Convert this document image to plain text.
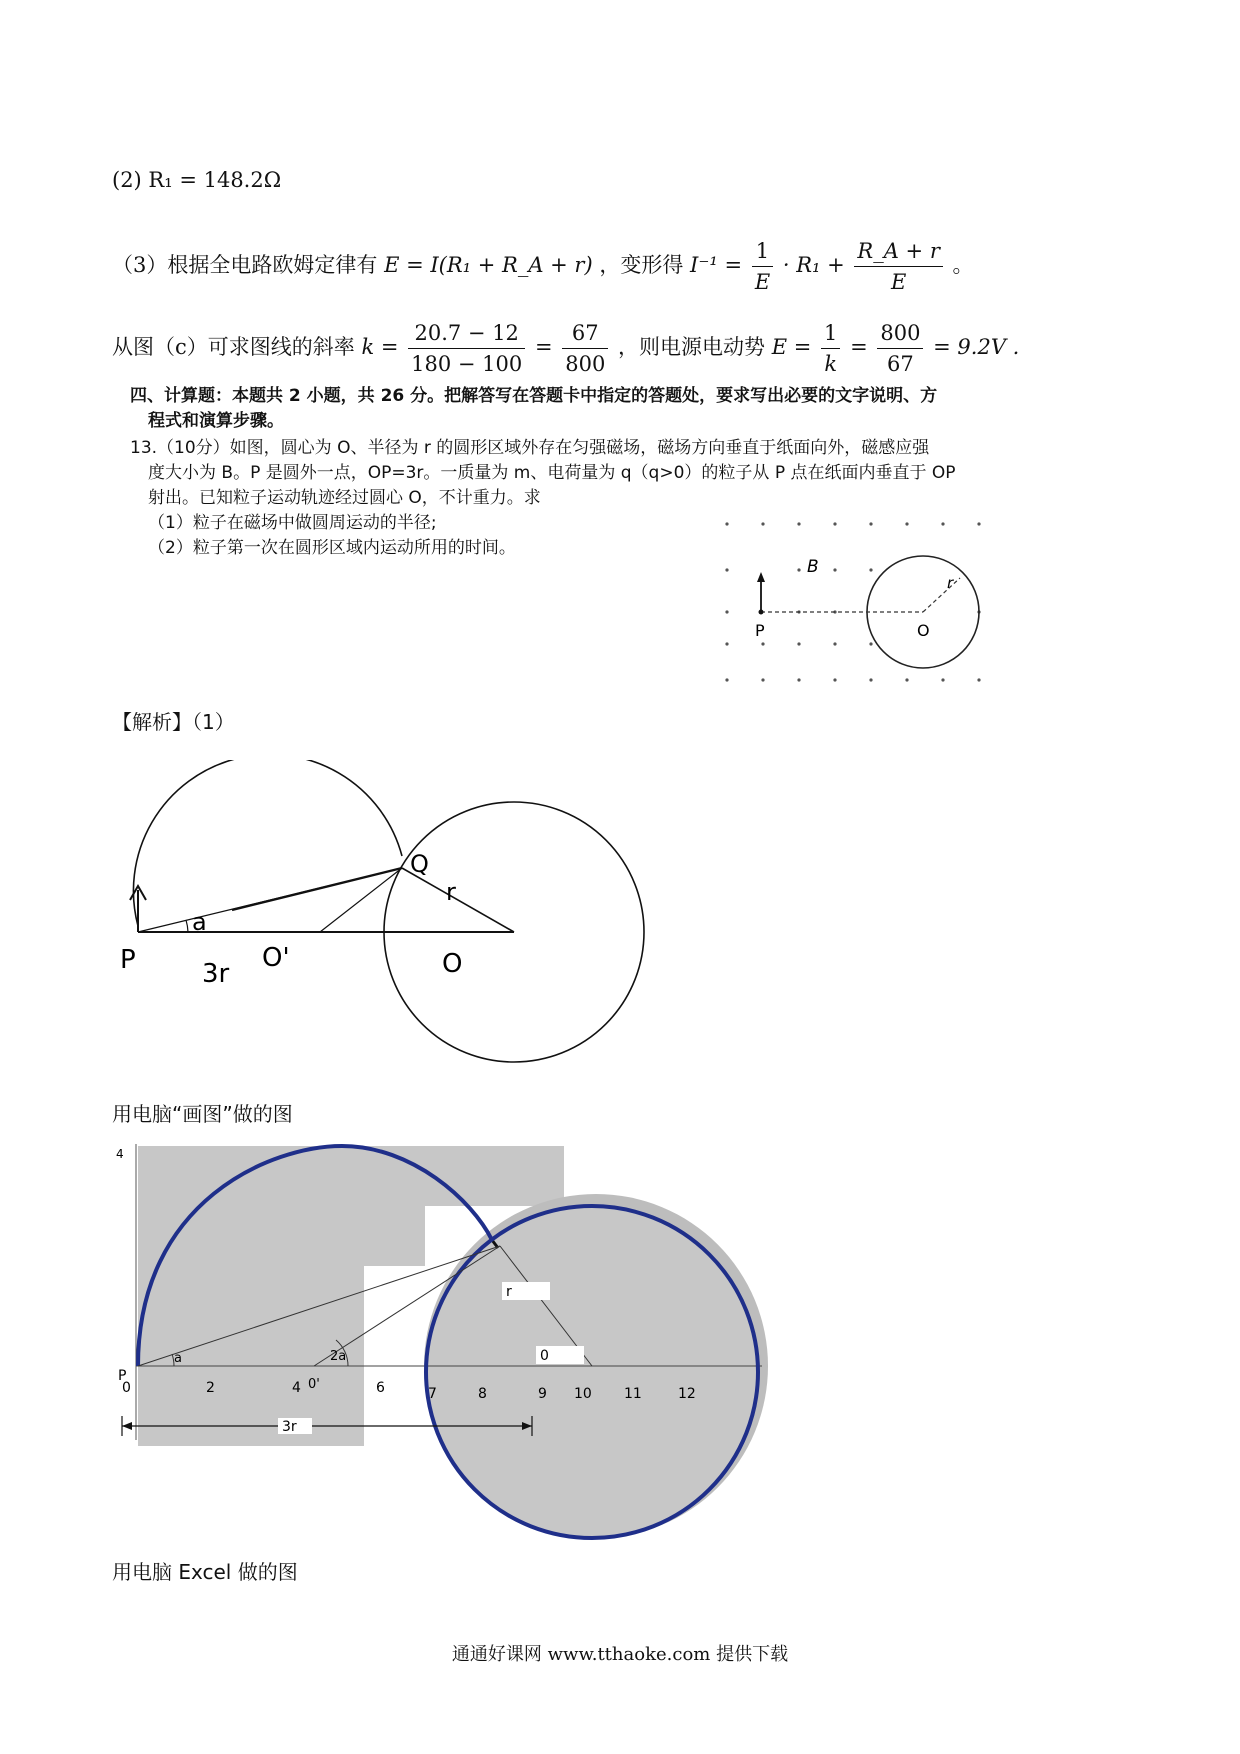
(2) R₁ = 148.2Ω
（3）根据全电路欧姆定律有 E = I(R₁ + R_A + r) ，变形得 $I^{-1} = \frac{1}{E} \cdot R_1 + \frac{R\_A + r}{E}$ 。
从图（c）可求图线的斜率 $k = \frac{20.7 - 12}{180 - 100} = \frac{67}{800}$ ，则电源电动势 $E = \frac{1}{k} = \frac{800}{67} = 9.2V$ .
四、计算题：本题共 2 小题，共 26 分。把解答写在答题卡中指定的答题处，要求写出必要的文字说明、方
程式和演算步骤。
13.（10分）如图，圆心为 O、半径为 r 的圆形区域外存在匀强磁场，磁场方向垂直于纸面向外，磁感应强
度大小为 B。P 是圆外一点，OP=3r。一质量为 m、电荷量为 q（q>0）的粒子从 P 点在纸面内垂直于 OP
射出。已知粒子运动轨迹经过圆心 O，不计重力。求
（1）粒子在磁场中做圆周运动的半径;
（2）粒子第一次在圆形区域内运动所用的时间。
B
r
P	O
【解析】（1）
Q
r
a
P	3r
O'	O
用电脑“画图”做的图
4
r
0
P
a	2a
0'
0	2	4	6	7	8	9 10 11	12
3r
用电脑 Excel 做的图
通通好课网 www.tthaoke.com 提供下载
